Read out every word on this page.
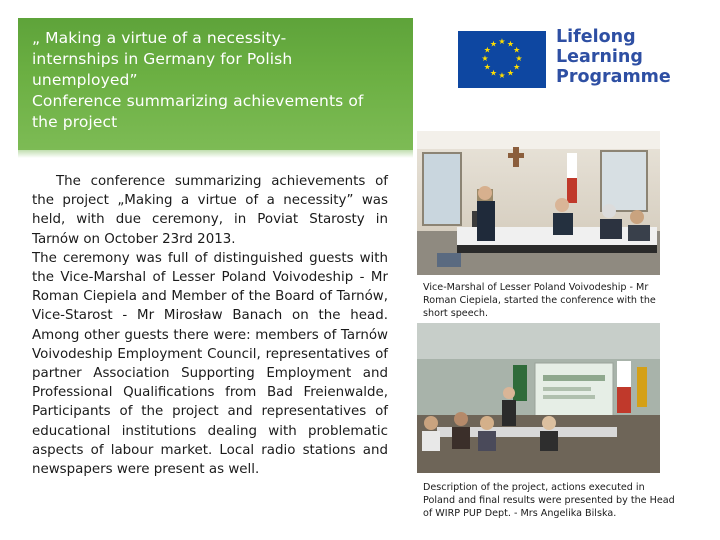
„ Making a virtue of a necessity-
internships in Germany for Polish
unemployed”
Conference summarizing achievements of
the project
★ ★
★
★
★
★
★
★
★
★
★
★	Lifelong
Learning
Programme

The conference summarizing achievements of the project „Making a virtue of a necessity” was held, with due ceremony, in Poviat Starosty in Tarnów on October 23rd 2013.

The ceremony was full of distinguished guests with the Vice-Marshal of Lesser Poland Voivodeship - Mr Roman Ciepiela and Member of the Board of Tarnów, Vice-Starost - Mr Mirosław Banach on the head. Among other guests there were: members of Tarnów Voivodeship Employment Council, representatives of partner Association Supporting Employment and Professional Qualifications from Bad Freienwalde, Participants of the project and representatives of educational institutions dealing with problematic aspects of labour market. Local radio stations and newspapers were present as well.

Vice-Marshal of Lesser Poland Voivodeship - Mr Roman Ciepiela, started the conference with the short speech.
Description of the project, actions executed in Poland and final results were presented by the Head of WIRP PUP Dept. - Mrs Angelika Bilska.
